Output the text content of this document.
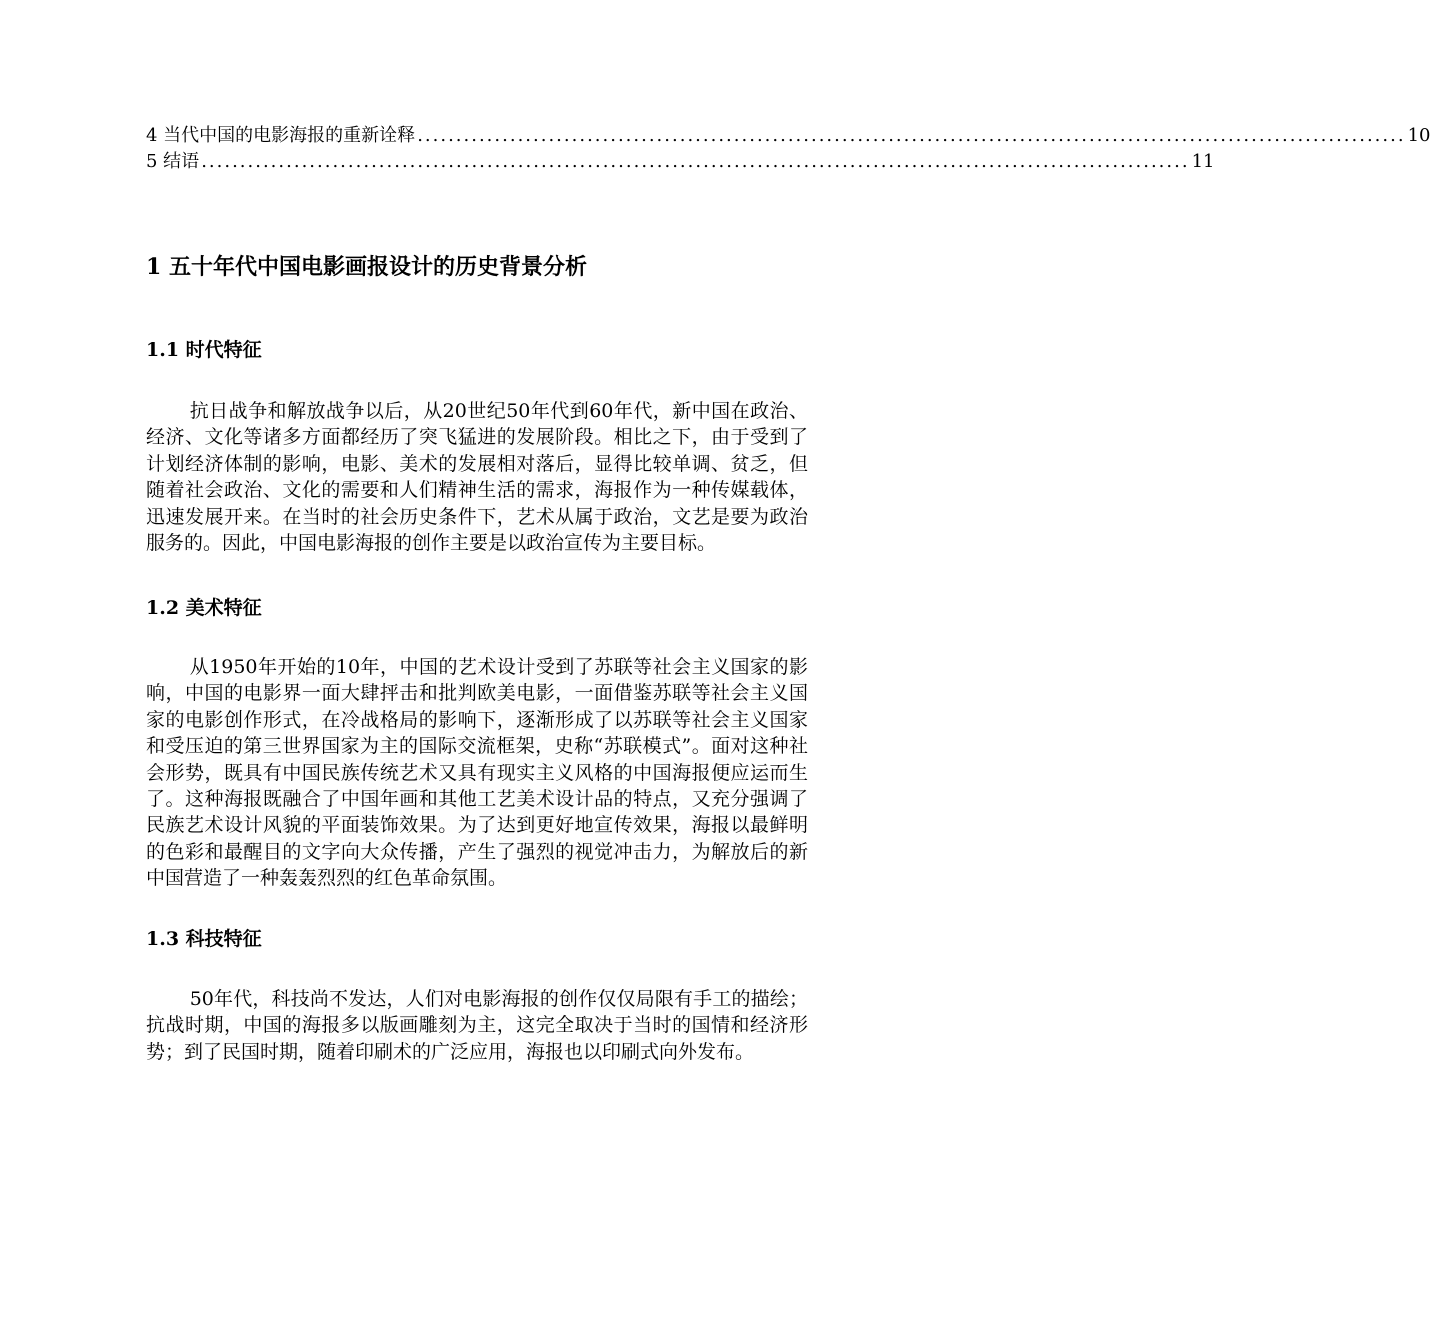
4 当代中国的电影海报的重新诠释 ................................................................................................................................ 10
5 结语 ................................................................................................................................ 11
1 五十年代中国电影画报设计的历史背景分析
1.1 时代特征

抗日战争和解放战争以后，从20世纪50年代到60年代，新中国在政治、经济、文化等诸多方面都经历了突飞猛进的发展阶段。相比之下，由于受到了计划经济体制的影响，电影、美术的发展相对落后，显得比较单调、贫乏，但随着社会政治、文化的需要和人们精神生活的需求，海报作为一种传媒载体，迅速发展开来。在当时的社会历史条件下，艺术从属于政治，文艺是要为政治服务的。因此，中国电影海报的创作主要是以政治宣传为主要目标。

1.2 美术特征

从1950年开始的10年，中国的艺术设计受到了苏联等社会主义国家的影响，中国的电影界一面大肆抨击和批判欧美电影，一面借鉴苏联等社会主义国家的电影创作形式，在冷战格局的影响下，逐渐形成了以苏联等社会主义国家和受压迫的第三世界国家为主的国际交流框架，史称“苏联模式”。面对这种社会形势，既具有中国民族传统艺术又具有现实主义风格的中国海报便应运而生了。这种海报既融合了中国年画和其他工艺美术设计品的特点，又充分强调了民族艺术设计风貌的平面装饰效果。为了达到更好地宣传效果，海报以最鲜明的色彩和最醒目的文字向大众传播，产生了强烈的视觉冲击力，为解放后的新中国营造了一种轰轰烈烈的红色革命氛围。

1.3 科技特征

50年代，科技尚不发达，人们对电影海报的创作仅仅局限有手工的描绘；抗战时期，中国的海报多以版画雕刻为主，这完全取决于当时的国情和经济形势；到了民国时期，随着印刷术的广泛应用，海报也以印刷式向外发布。
